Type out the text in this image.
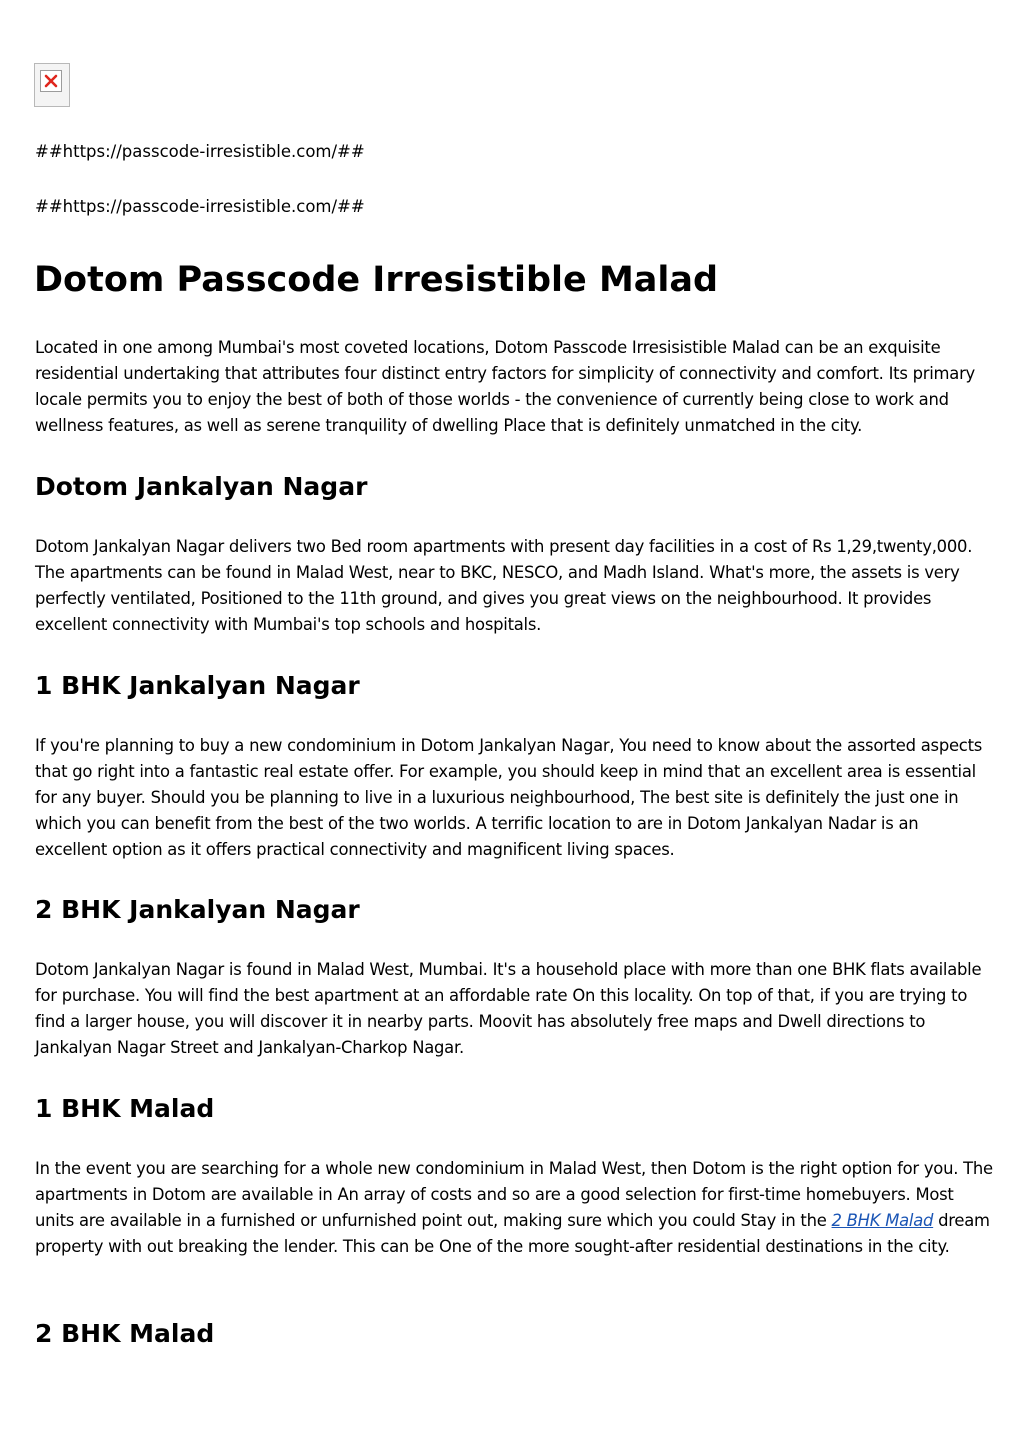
##https://passcode-irresistible.com/##
##https://passcode-irresistible.com/##
Dotom Passcode Irresistible Malad

Located in one among Mumbai's most coveted locations, Dotom Passcode Irresisistible Malad can be an exquisite residential undertaking that attributes four distinct entry factors for simplicity of connectivity and comfort. Its primary locale permits you to enjoy the best of both of those worlds - the convenience of currently being close to work and wellness features, as well as serene tranquility of dwelling Place that is definitely unmatched in the city.

Dotom Jankalyan Nagar

Dotom Jankalyan Nagar delivers two Bed room apartments with present day facilities in a cost of Rs 1,29,twenty,000. The apartments can be found in Malad West, near to BKC, NESCO, and Madh Island. What's more, the assets is very perfectly ventilated, Positioned to the 11th ground, and gives you great views on the neighbourhood. It provides excellent connectivity with Mumbai's top schools and hospitals.

1 BHK Jankalyan Nagar

If you're planning to buy a new condominium in Dotom Jankalyan Nagar, You need to know about the assorted aspects that go right into a fantastic real estate offer. For example, you should keep in mind that an excellent area is essential for any buyer. Should you be planning to live in a luxurious neighbourhood, The best site is definitely the just one in which you can benefit from the best of the two worlds. A terrific location to are in Dotom Jankalyan Nadar is an excellent option as it offers practical connectivity and magnificent living spaces.

2 BHK Jankalyan Nagar

Dotom Jankalyan Nagar is found in Malad West, Mumbai. It's a household place with more than one BHK flats available for purchase. You will find the best apartment at an affordable rate On this locality. On top of that, if you are trying to find a larger house, you will discover it in nearby parts. Moovit has absolutely free maps and Dwell directions to Jankalyan Nagar Street and Jankalyan-Charkop Nagar.

1 BHK Malad

In the event you are searching for a whole new condominium in Malad West, then Dotom is the right option for you. The apartments in Dotom are available in An array of costs and so are a good selection for first-time homebuyers. Most units are available in a furnished or unfurnished point out, making sure which you could Stay in the 2 BHK Malad dream property with out breaking the lender. This can be One of the more sought-after residential destinations in the city.

2 BHK Malad
